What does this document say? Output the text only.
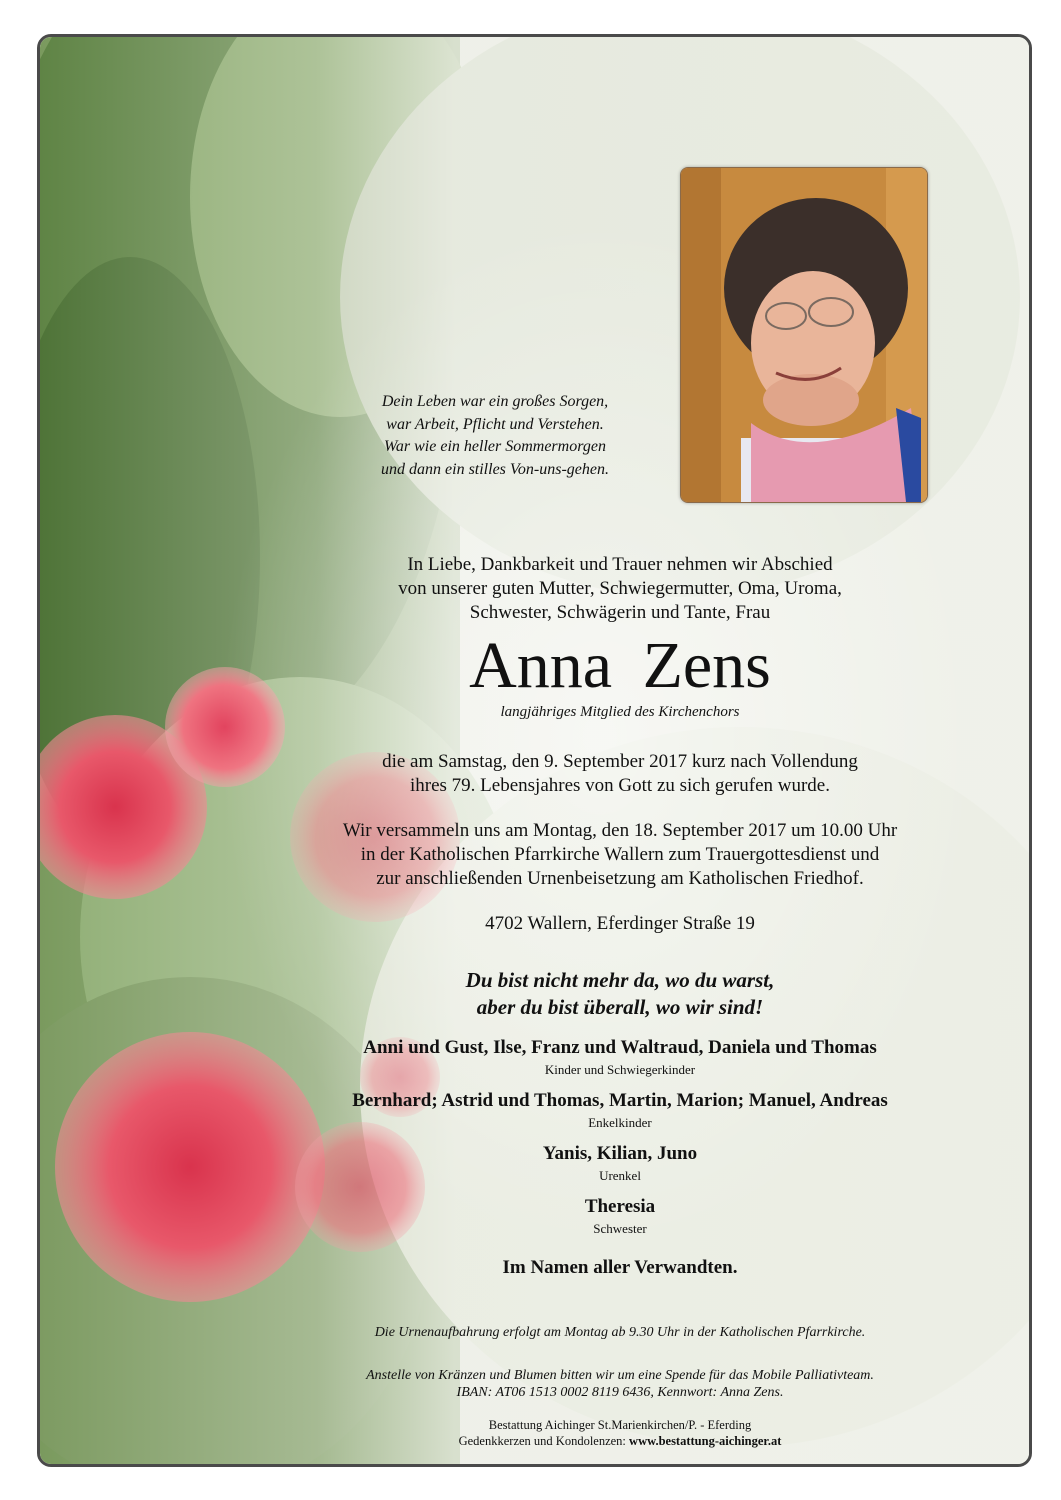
Dein Leben war ein großes Sorgen,
war Arbeit, Pflicht und Verstehen.
War wie ein heller Sommermorgen
und dann ein stilles Von-uns-gehen.
In Liebe, Dankbarkeit und Trauer nehmen wir Abschied
von unserer guten Mutter, Schwiegermutter, Oma, Uroma,
Schwester, Schwägerin und Tante, Frau
Anna Zens
langjähriges Mitglied des Kirchenchors
die am Samstag, den 9. September 2017 kurz nach Vollendung
ihres 79. Lebensjahres von Gott zu sich gerufen wurde.
Wir versammeln uns am Montag, den 18. September 2017 um 10.00 Uhr
in der Katholischen Pfarrkirche Wallern zum Trauergottesdienst und
zur anschließenden Urnenbeisetzung am Katholischen Friedhof.
4702 Wallern, Eferdinger Straße 19
Du bist nicht mehr da, wo du warst,
aber du bist überall, wo wir sind!
Anni und Gust, Ilse, Franz und Waltraud, Daniela und Thomas
Kinder und Schwiegerkinder
Bernhard; Astrid und Thomas, Martin, Marion; Manuel, Andreas
Enkelkinder
Yanis, Kilian, Juno
Urenkel
Theresia
Schwester
Im Namen aller Verwandten.
Die Urnenaufbahrung erfolgt am Montag ab 9.30 Uhr in der Katholischen Pfarrkirche.
Anstelle von Kränzen und Blumen bitten wir um eine Spende für das Mobile Palliativteam.
IBAN: AT06 1513 0002 8119 6436, Kennwort: Anna Zens.
Bestattung Aichinger St.Marienkirchen/P. - Eferding
Gedenkkerzen und Kondolenzen: www.bestattung-aichinger.at
